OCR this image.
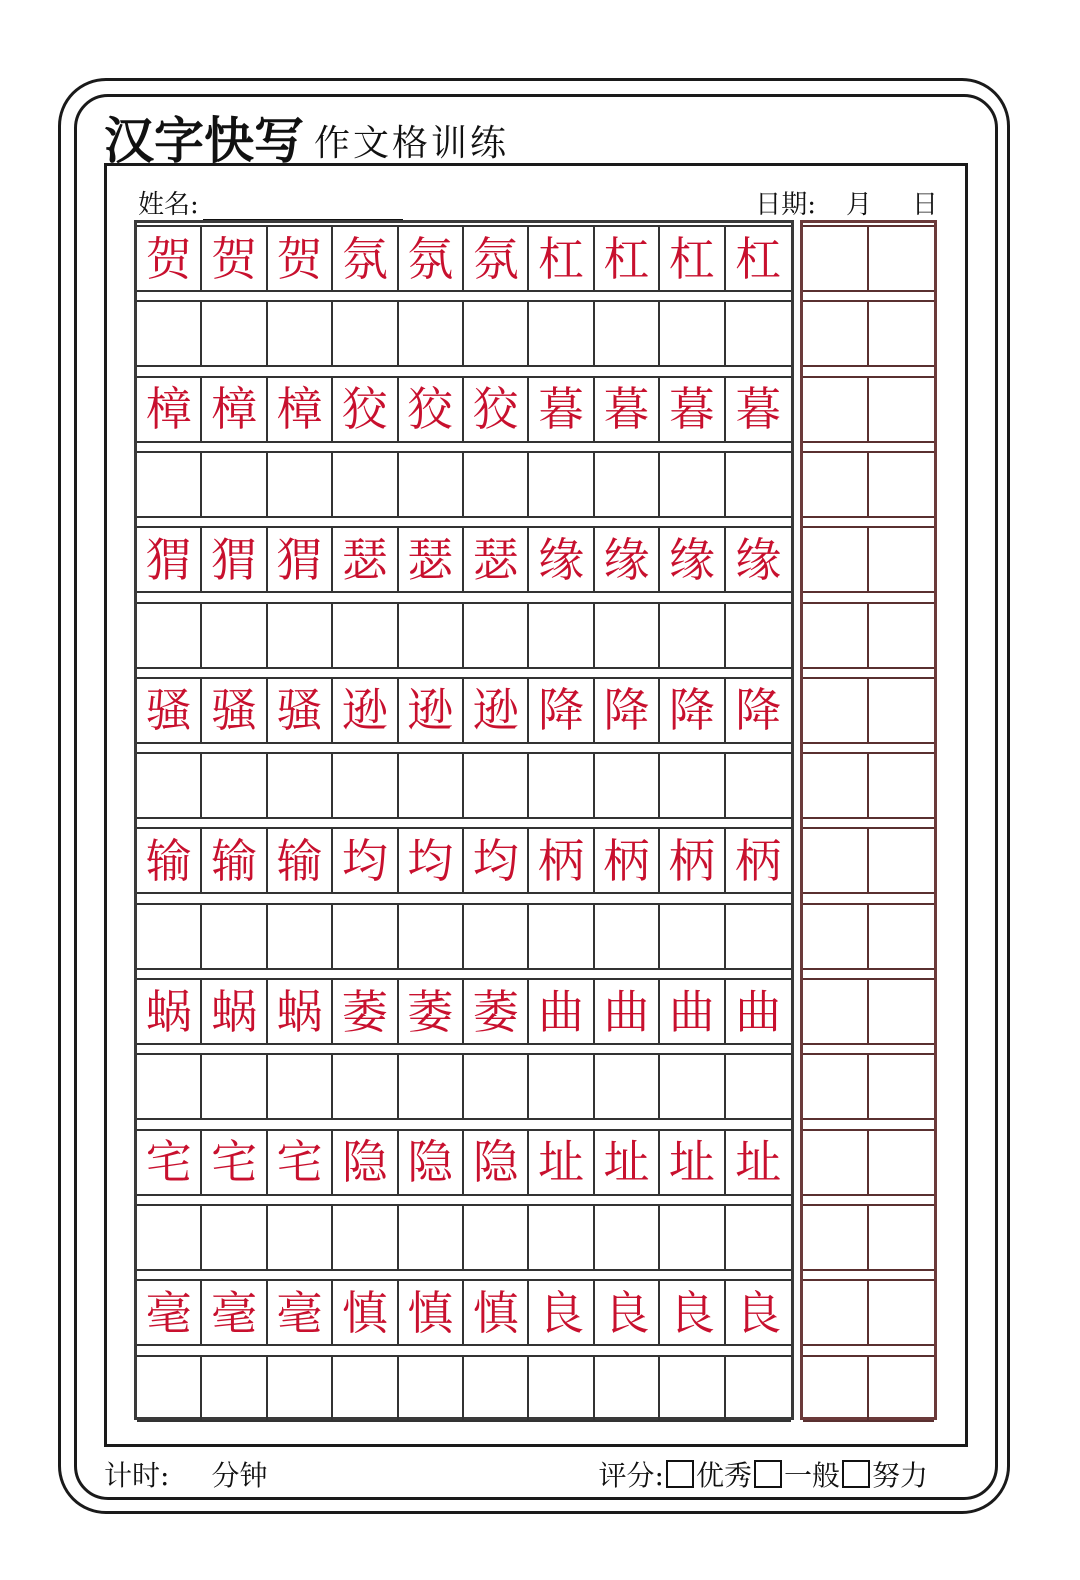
汉字快写 作文格训练
姓名:	日期: 月 日
贺 贺 贺 氛 氛 氛 杠 杠 杠 杠
樟 樟 樟 狡 狡 狡 暮 暮 暮 暮
猬 猬 猬 瑟 瑟 瑟 缘 缘 缘 缘
骚 骚 骚 逊 逊 逊 降 降 降 降
输 输 输 均 均 均 柄 柄 柄 柄
蜗 蜗 蜗 萎 萎 萎 曲 曲 曲 曲
宅 宅 宅 隐 隐 隐 址 址 址 址
毫 毫 毫 慎 慎 慎 良 良 良 良
计时: 分钟	评分: 优秀 一般 努力
